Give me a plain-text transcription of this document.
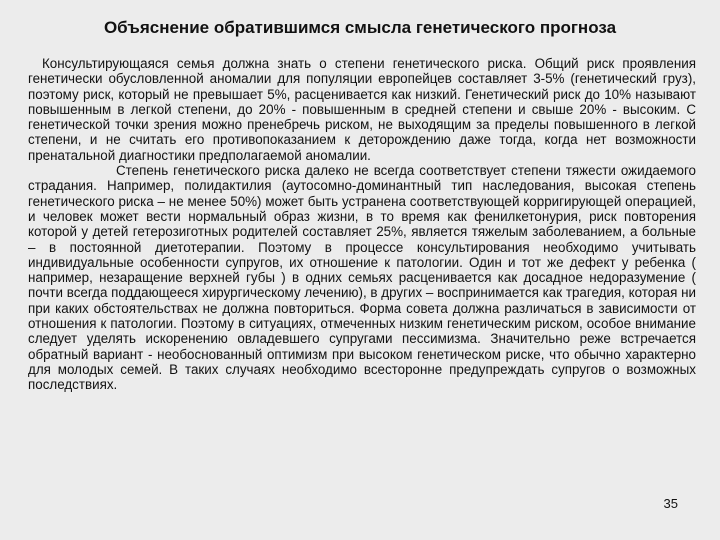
Объяснение обратившимся смысла генетического прогноза

Консультирующаяся семья должна знать о степени генетического риска. Общий риск проявления генетически обусловленной аномалии для популяции европейцев составляет 3-5% (генетический груз), поэтому риск, который не превышает 5%, расценивается как низкий. Генетический риск до 10% называют повышенным в легкой степени, до 20% - повышенным в средней степени и свыше 20% - высоким. С генетической точки зрения можно пренебречь риском, не выходящим за пределы повышенного в легкой степени, и не считать его противопоказанием к деторождению даже тогда, когда нет возможности пренатальной диагностики предполагаемой аномалии.

Степень генетического риска далеко не всегда соответствует степени тяжести ожидаемого страдания. Например, полидактилия (аутосомно-доминантный тип наследования, высокая степень генетического риска – не менее 50%) может быть устранена соответствующей корригирующей операцией, и человек может вести нормальный образ жизни, в то время как фенилкетонурия, риск повторения которой у детей гетерозиготных родителей составляет 25%, является тяжелым заболеванием, а больные – в постоянной диетотерапии. Поэтому в процессе консультирования необходимо учитывать индивидуальные особенности супругов, их отношение к патологии. Один и тот же дефект у ребенка ( например, незаращение верхней губы ) в одних семьях расценивается как досадное недоразумение ( почти всегда поддающееся хирургическому лечению), в других – воспринимается как трагедия, которая ни при каких обстоятельствах не должна повториться. Форма совета должна различаться в зависимости от отношения к патологии. Поэтому в ситуациях, отмеченных низким генетическим риском, особое внимание следует уделять искоренению овладевшего супругами пессимизма. Значительно реже встречается обратный вариант - необоснованный оптимизм при высоком генетическом риске, что обычно характерно для молодых семей. В таких случаях необходимо всесторонне предупреждать супругов о возможных последствиях.

35
